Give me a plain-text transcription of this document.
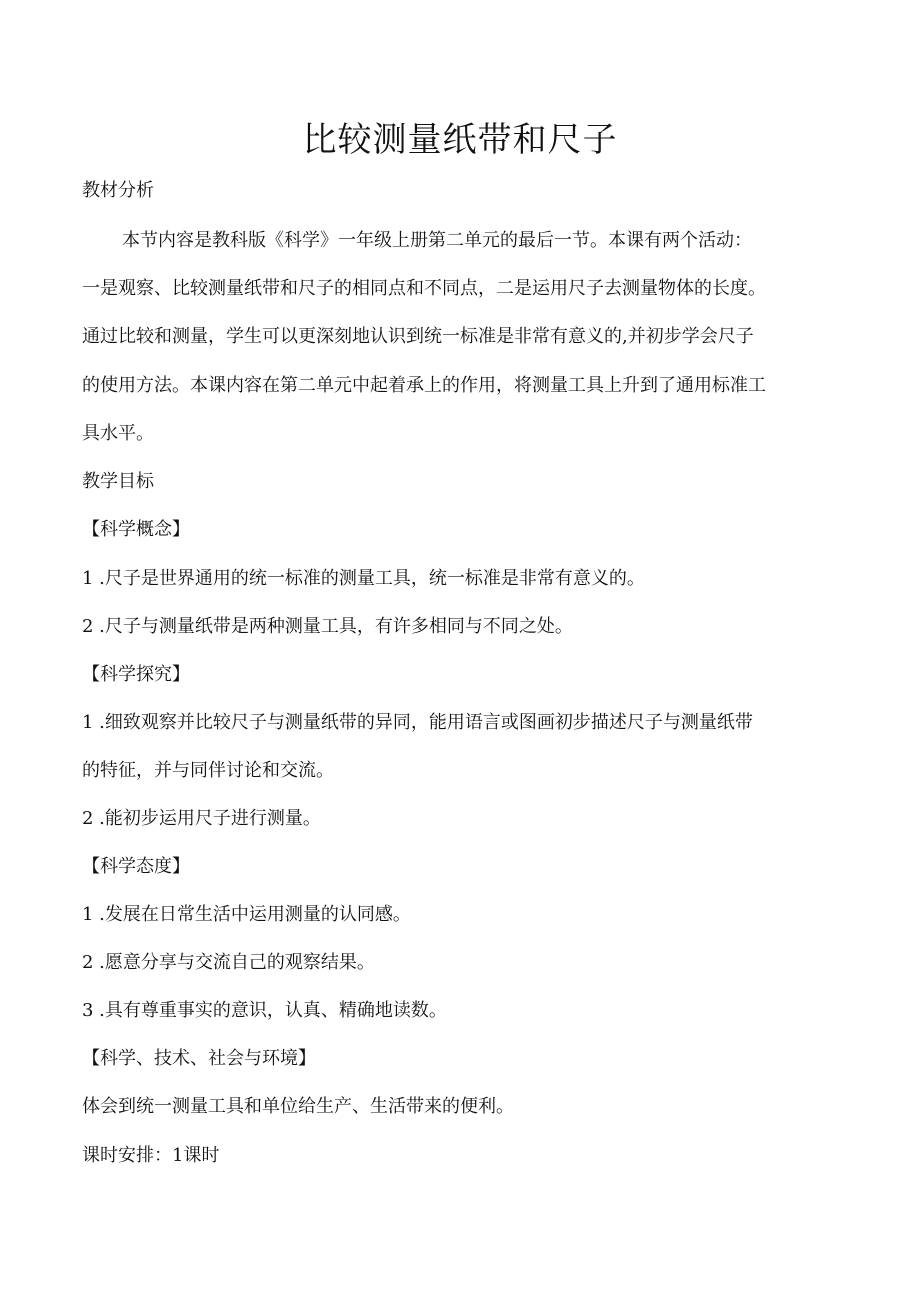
比较测量纸带和尺子
教材分析
本节内容是教科版《科学》一年级上册第二单元的最后一节。本课有两个活动：
一是观察、比较测量纸带和尺子的相同点和不同点，二是运用尺子去测量物体的长度。
通过比较和测量，学生可以更深刻地认识到统一标准是非常有意义的,并初步学会尺子
的使用方法。本课内容在第二单元中起着承上的作用，将测量工具上升到了通用标准工
具水平。
教学目标
【科学概念】
1 .尺子是世界通用的统一标准的测量工具，统一标准是非常有意义的。
2 .尺子与测量纸带是两种测量工具，有许多相同与不同之处。
【科学探究】
1 .细致观察并比较尺子与测量纸带的异同，能用语言或图画初步描述尺子与测量纸带
的特征，并与同伴讨论和交流。
2 .能初步运用尺子进行测量。
【科学态度】
1 .发展在日常生活中运用测量的认同感。
2 .愿意分享与交流自己的观察结果。
3 .具有尊重事实的意识，认真、精确地读数。
【科学、技术、社会与环境】
体会到统一测量工具和单位给生产、生活带来的便利。
课时安排：1课时
